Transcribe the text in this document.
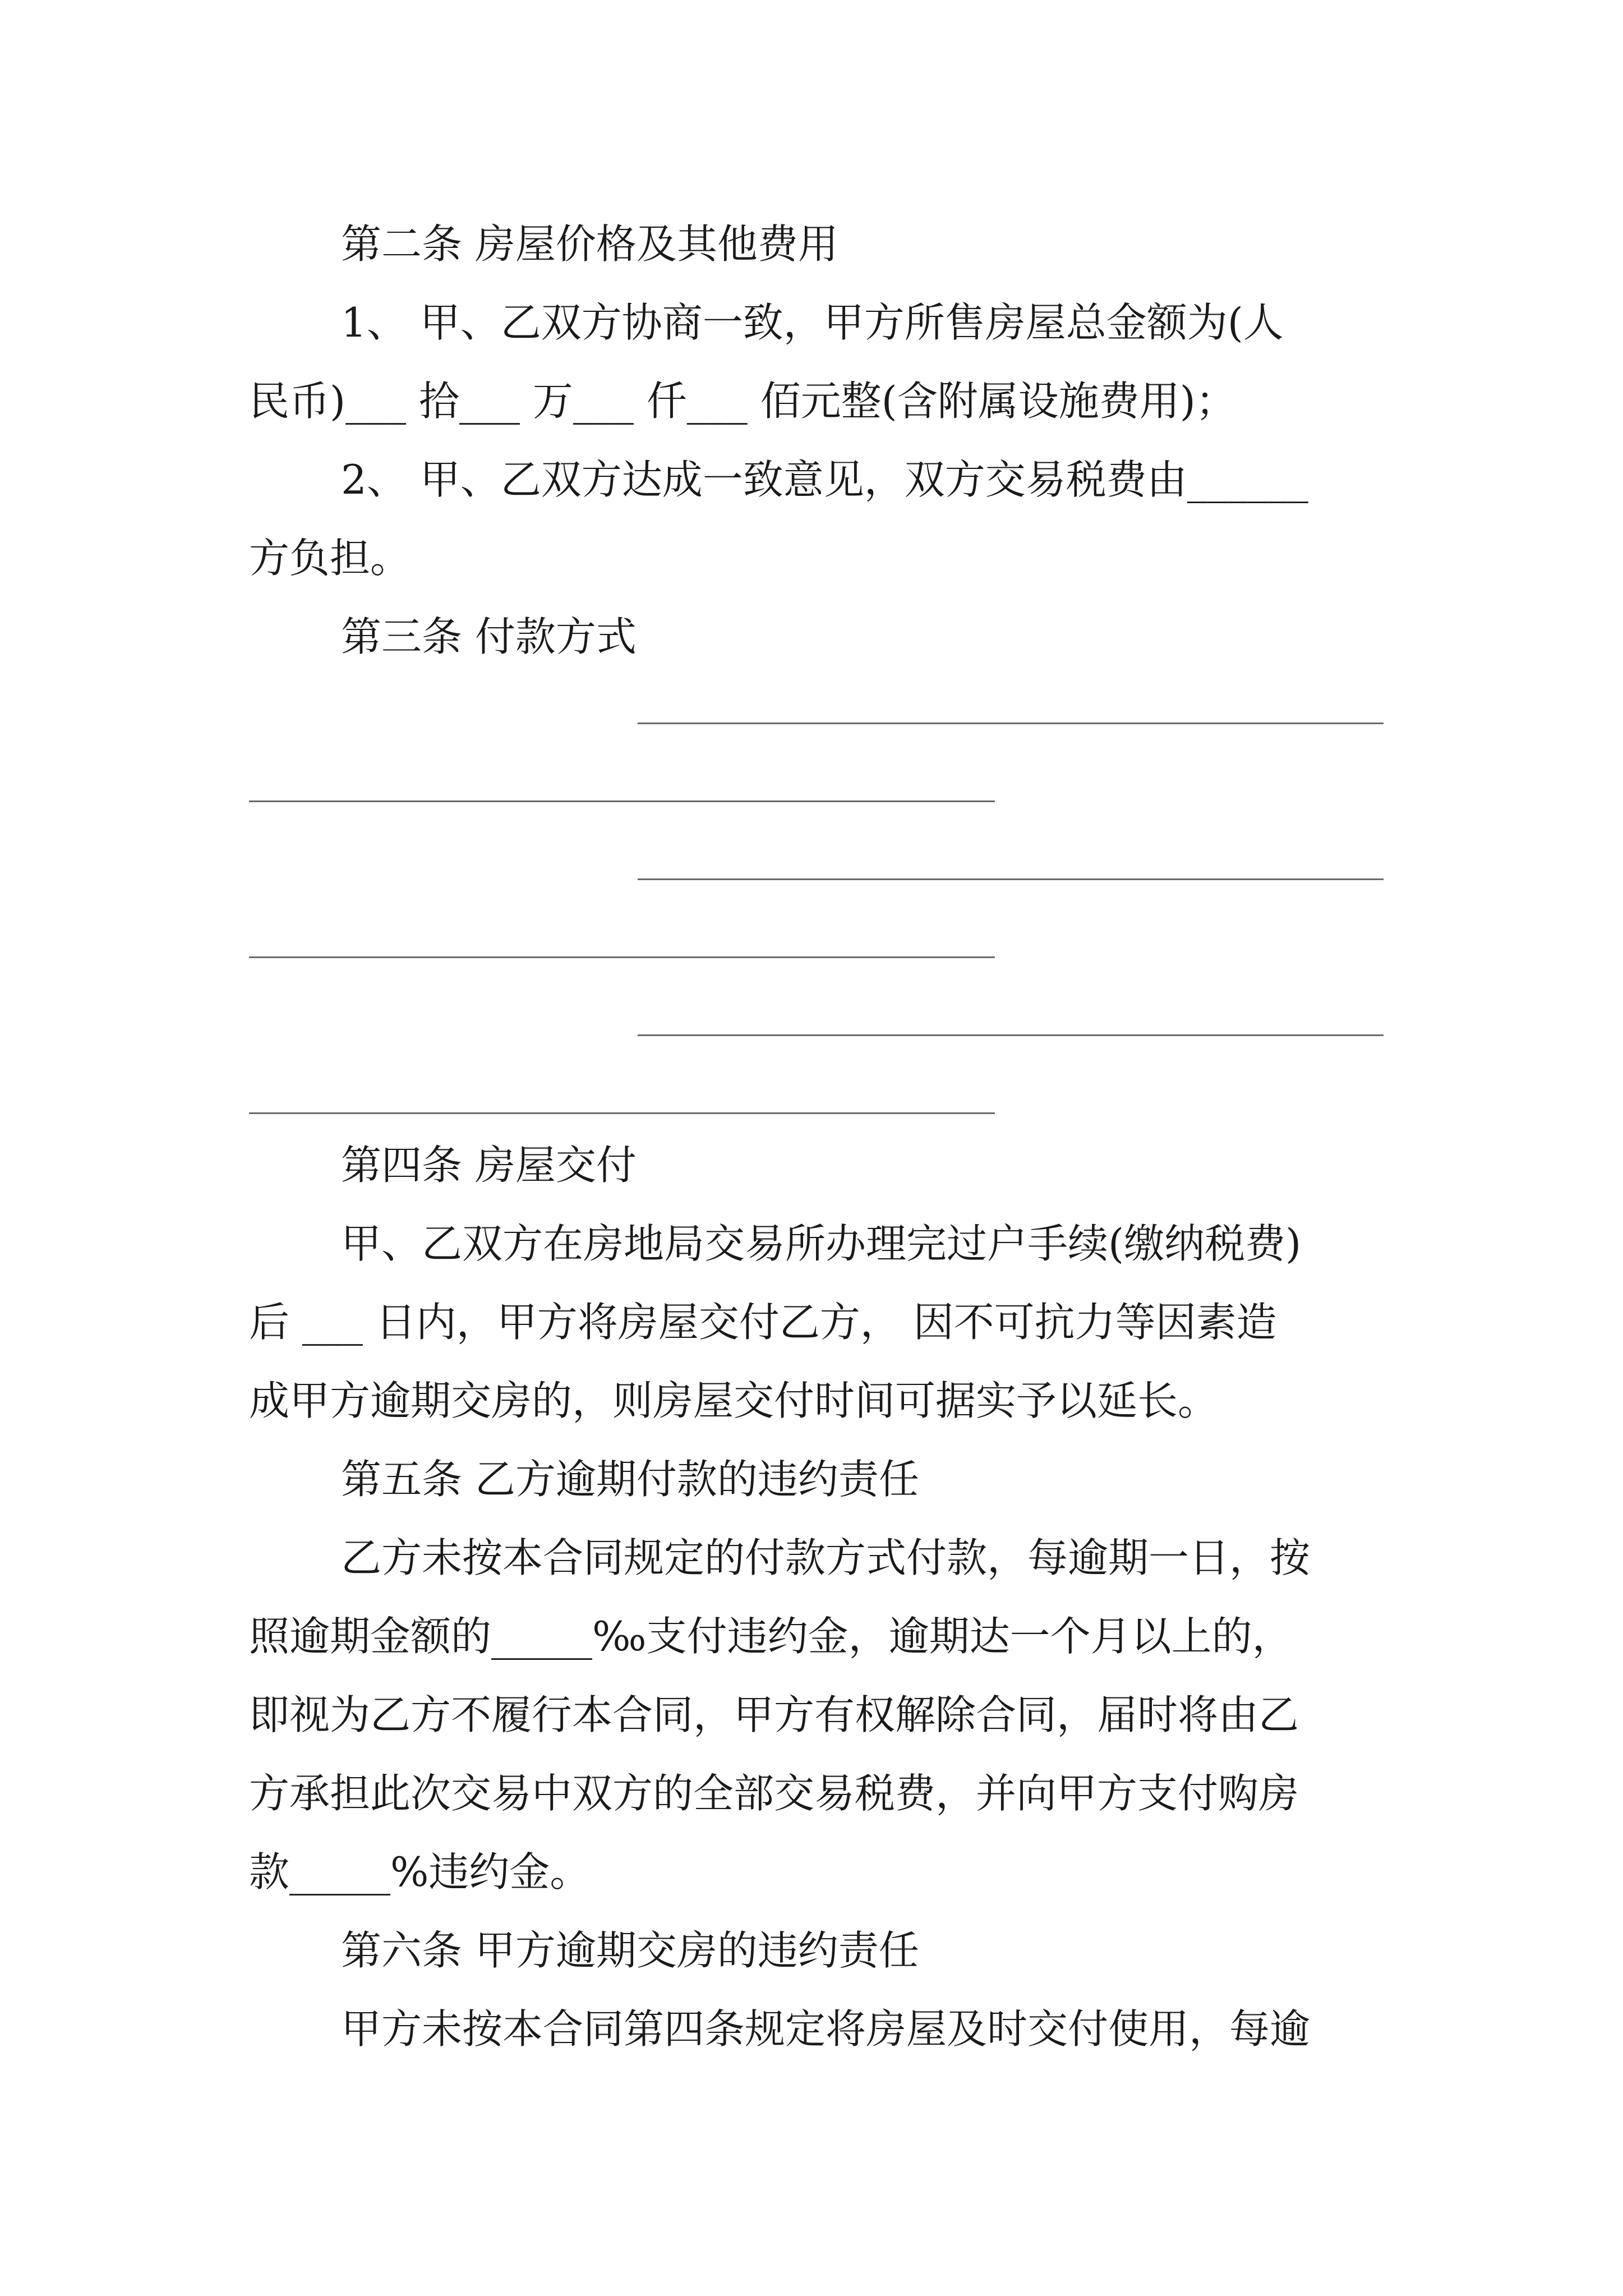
第二条 房屋价格及其他费用
1、 甲、乙双方协商一致，甲方所售房屋总金额为(人
民币)___ 拾___ 万___ 仟___ 佰元整(含附属设施费用)；
2、 甲、乙双方达成一致意见，双方交易税费由______
方负担。
第三条 付款方式
第四条 房屋交付
甲、乙双方在房地局交易所办理完过户手续(缴纳税费)
后 ___ 日内，甲方将房屋交付乙方， 因不可抗力等因素造
成甲方逾期交房的，则房屋交付时间可据实予以延长。
第五条 乙方逾期付款的违约责任
乙方未按本合同规定的付款方式付款，每逾期一日，按
照逾期金额的_____‰支付违约金，逾期达一个月以上的，
即视为乙方不履行本合同，甲方有权解除合同，届时将由乙
方承担此次交易中双方的全部交易税费，并向甲方支付购房
款_____%违约金。
第六条 甲方逾期交房的违约责任
甲方未按本合同第四条规定将房屋及时交付使用，每逾
